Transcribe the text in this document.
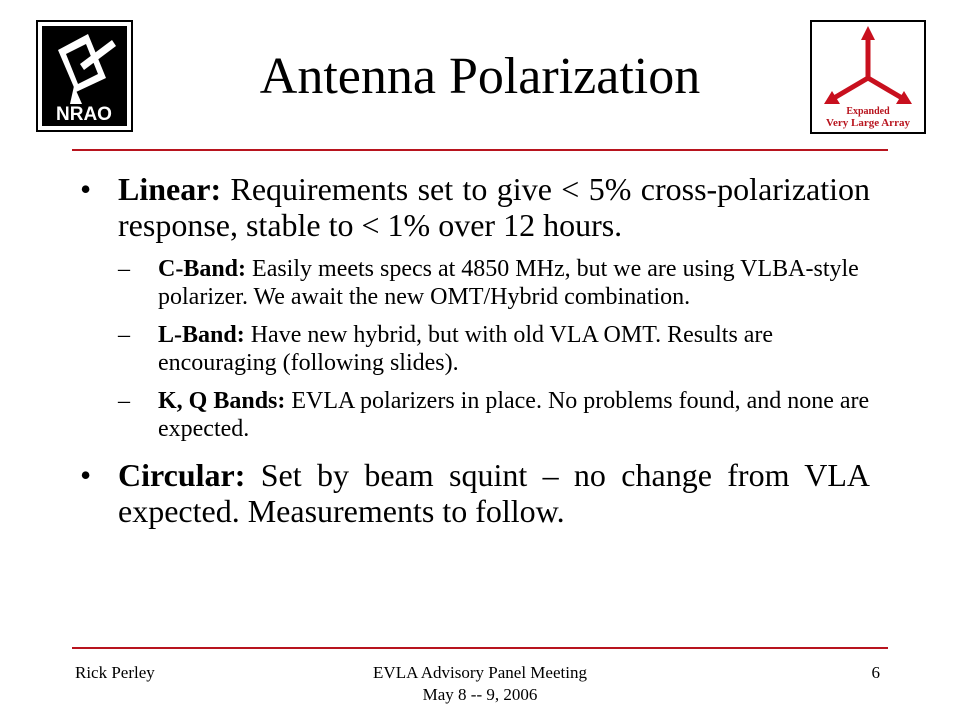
NRAO	Expanded
Very Large Array
Antenna Polarization
• Linear: Requirements set to give < 5% cross-polarization response, stable to < 1% over 12 hours.
– C-Band: Easily meets specs at 4850 MHz, but we are using VLBA-style polarizer. We await the new OMT/Hybrid combination.
– L-Band: Have new hybrid, but with old VLA OMT. Results are encouraging (following slides).
– K, Q Bands: EVLA polarizers in place. No problems found, and none are expected.
• Circular: Set by beam squint – no change from VLA expected. Measurements to follow.
Rick Perley	EVLA Advisory Panel Meeting
May 8 -- 9, 2006
6
